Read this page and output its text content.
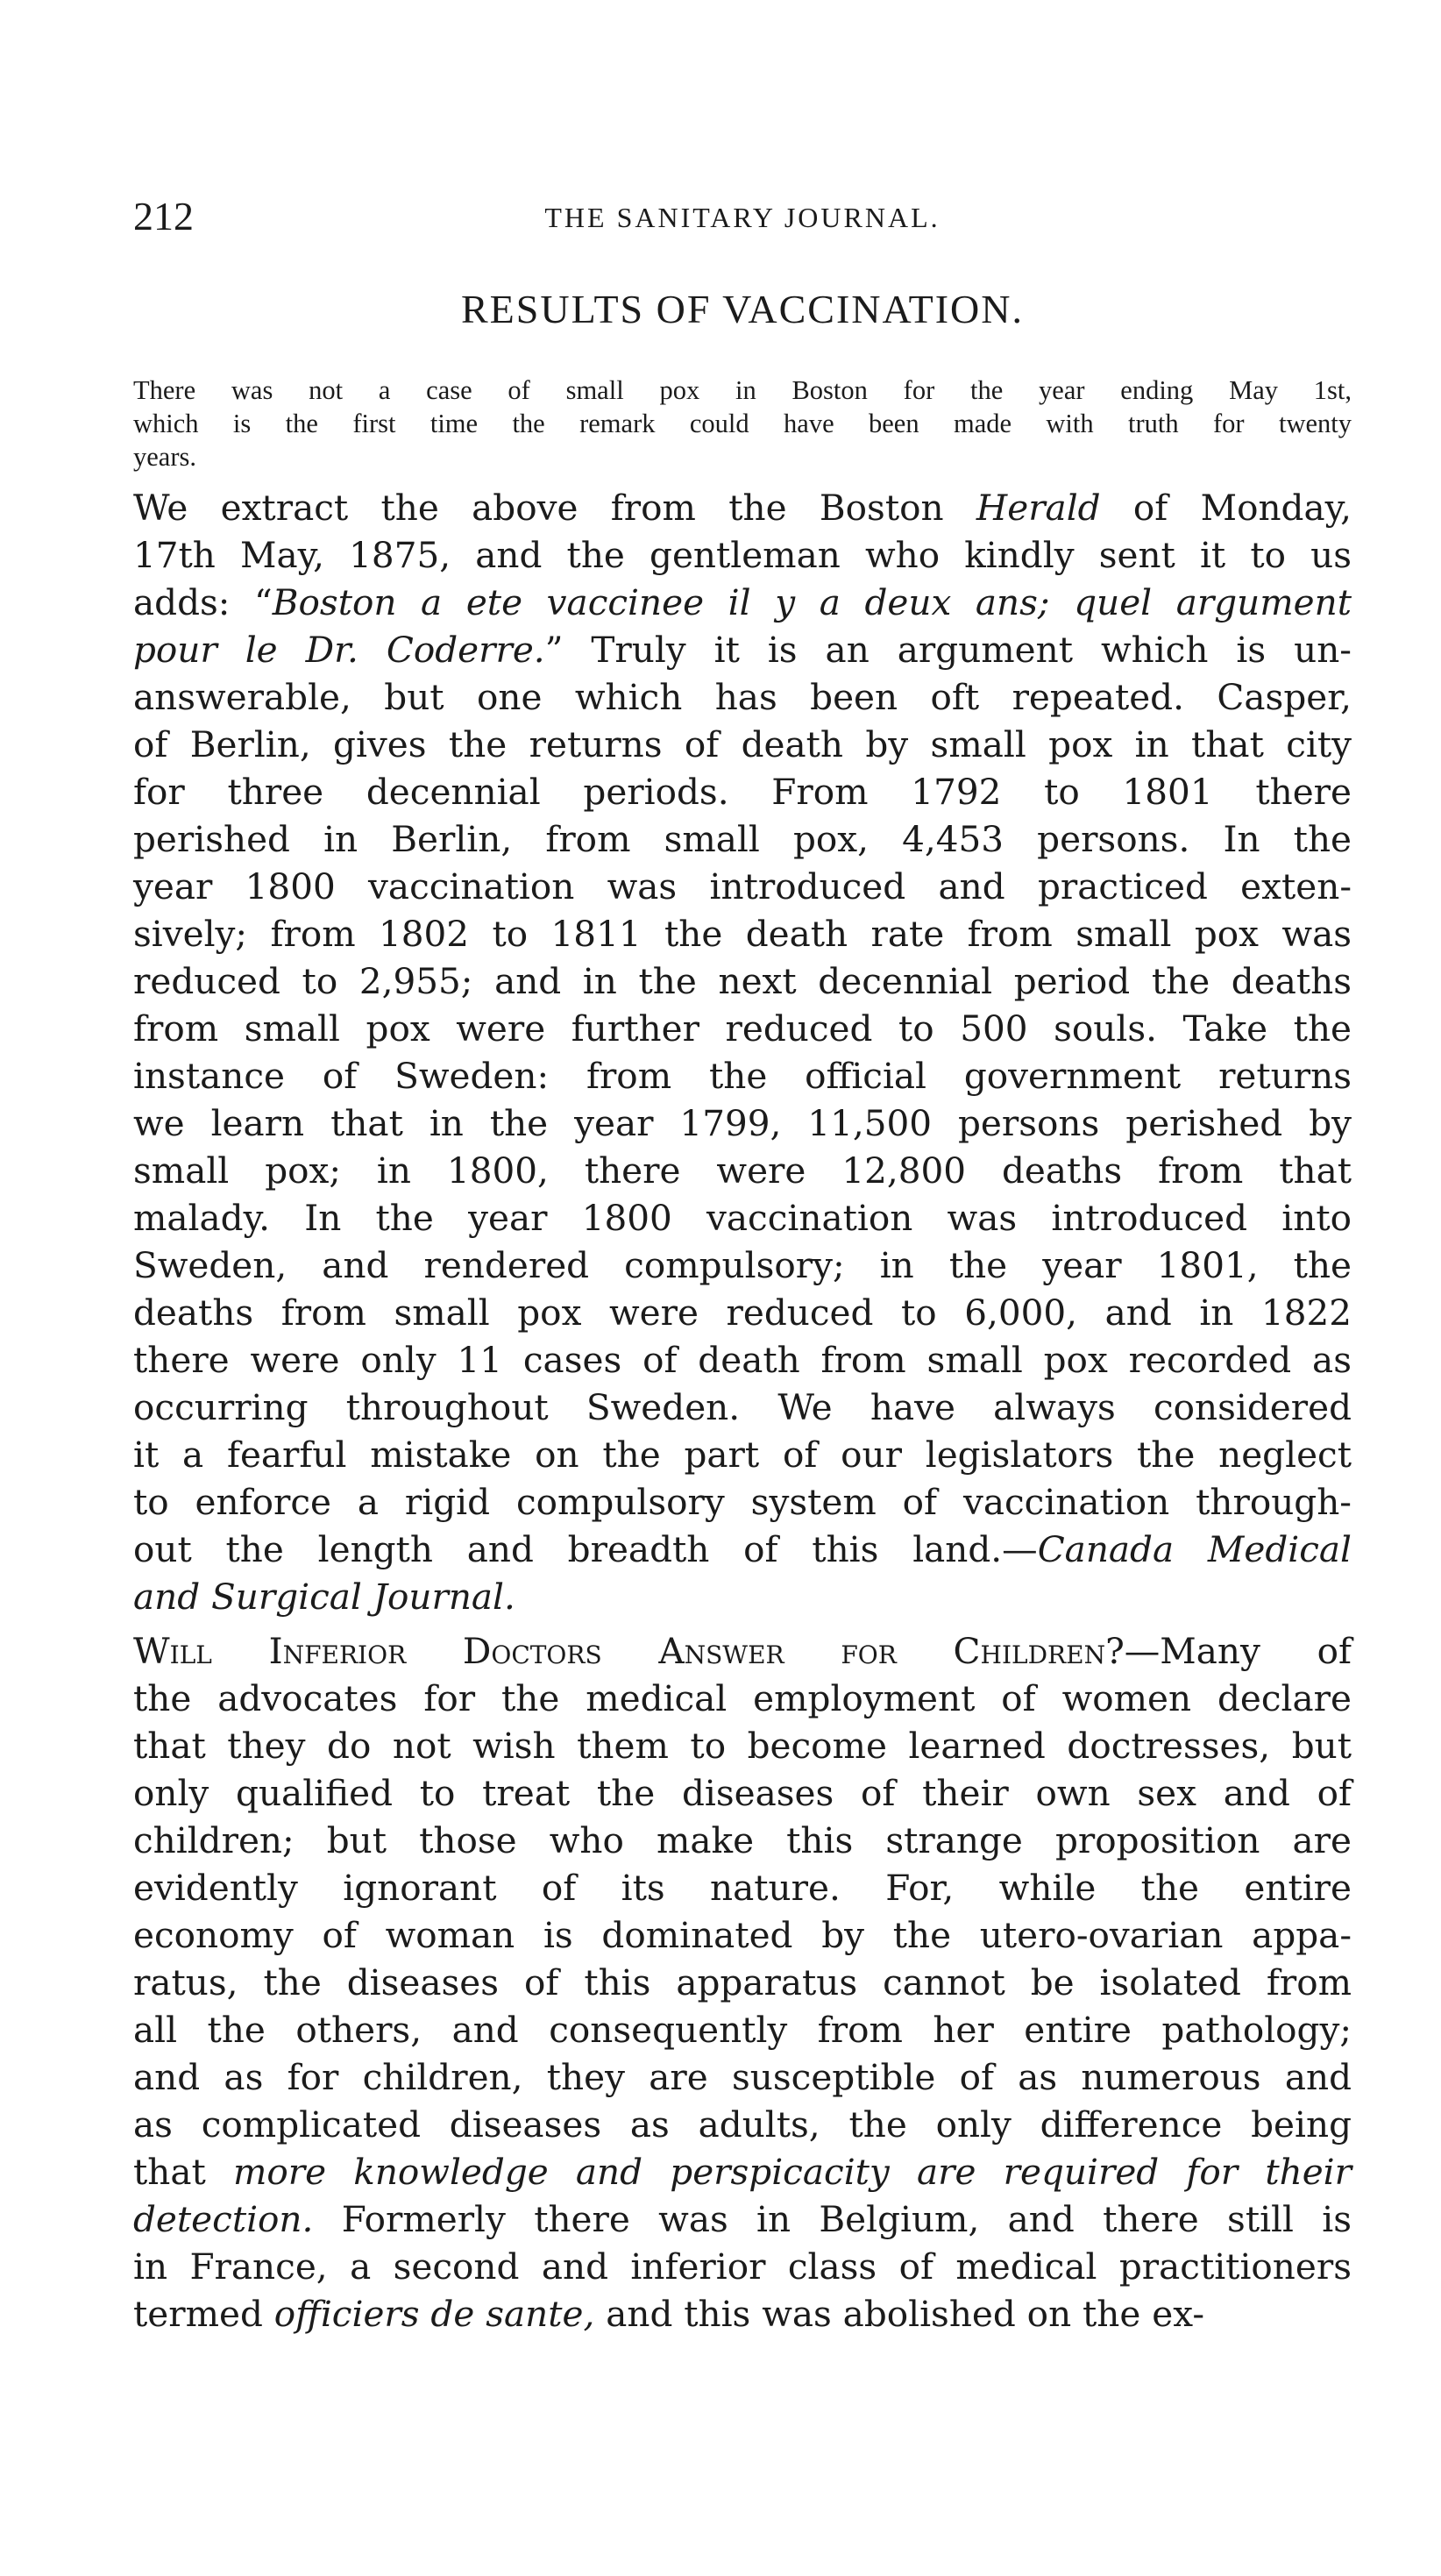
212	THE SANITARY JOURNAL.
RESULTS OF VACCINATION.
There was not a case of small pox in Boston for the year ending May 1st,
which is the first time the remark could have been made with truth for twenty
years.
We extract the above from the Boston Herald of Monday,
17th May, 1875, and the gentleman who kindly sent it to us
adds: “Boston a ete vaccinee il y a deux ans; quel argument
pour le Dr. Coderre.” Truly it is an argument which is un-
answerable, but one which has been oft repeated. Casper,
of Berlin, gives the returns of death by small pox in that city
for three decennial periods. From 1792 to 1801 there
perished in Berlin, from small pox, 4,453 persons. In the
year 1800 vaccination was introduced and practiced exten-
sively; from 1802 to 1811 the death rate from small pox was
reduced to 2,955; and in the next decennial period the deaths
from small pox were further reduced to 500 souls. Take the
instance of Sweden: from the official government returns
we learn that in the year 1799, 11,500 persons perished by
small pox; in 1800, there were 12,800 deaths from that
malady. In the year 1800 vaccination was introduced into
Sweden, and rendered compulsory; in the year 1801, the
deaths from small pox were reduced to 6,000, and in 1822
there were only 11 cases of death from small pox recorded as
occurring throughout Sweden. We have always considered
it a fearful mistake on the part of our legislators the neglect
to enforce a rigid compulsory system of vaccination through-
out the length and breadth of this land.—Canada Medical
and Surgical Journal.
Will Inferior Doctors Answer for Children?—Many of
the advocates for the medical employment of women declare
that they do not wish them to become learned doctresses, but
only qualified to treat the diseases of their own sex and of
children; but those who make this strange proposition are
evidently ignorant of its nature. For, while the entire
economy of woman is dominated by the utero-ovarian appa-
ratus, the diseases of this apparatus cannot be isolated from
all the others, and consequently from her entire pathology;
and as for children, they are susceptible of as numerous and
as complicated diseases as adults, the only difference being
that more knowledge and perspicacity are required for their
detection. Formerly there was in Belgium, and there still is
in France, a second and inferior class of medical practitioners
termed officiers de sante, and this was abolished on the ex-
